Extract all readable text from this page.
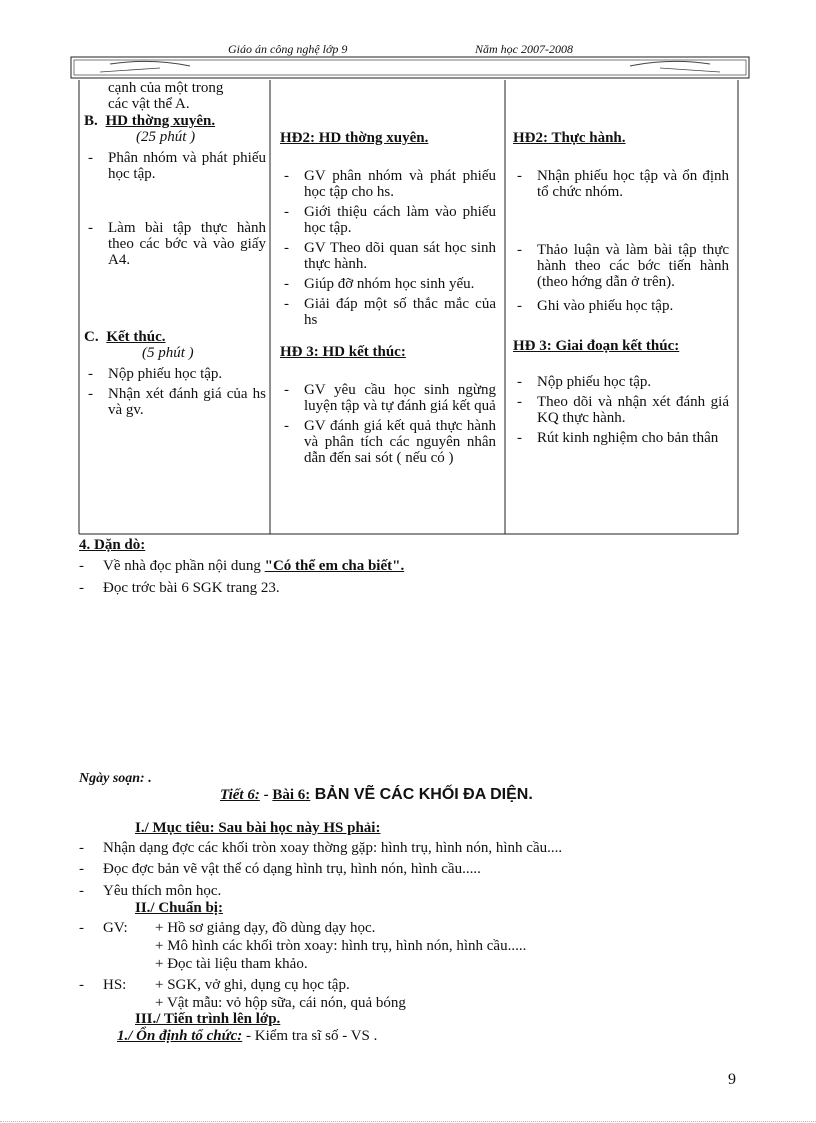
Giáo án công nghệ lớp 9	Năm học 2007-2008
cạnh của một trong
các vật thể A.
B. HD thờng xuyên.
(25 phút )
- Phân nhóm và phát phiếu học tập.
- Làm bài tập thực hành theo các bớc và vào giấy A4.
C. Kết thúc.
(5 phút )
- Nộp phiếu học tập.
- Nhận xét đánh giá của hs và gv.
HĐ2: HD thờng xuyên.
- GV phân nhóm và phát phiếu học tập cho hs.
- Giới thiệu cách làm vào phiếu học tập.
- GV Theo dõi quan sát học sinh thực hành.
- Giúp đỡ nhóm học sinh yếu.
- Giải đáp một số thắc mắc của hs
HĐ 3: HD kết thúc:
- GV yêu cầu học sinh ngừng luyện tập và tự đánh giá kết quả
- GV đánh giá kết quả thực hành và phân tích các nguyên nhân dẫn đến sai sót ( nếu có )
HĐ2: Thực hành.
- Nhận phiếu học tập và ổn định tổ chức nhóm.
- Thảo luận và làm bài tập thực hành theo các bớc tiến hành (theo hớng dẫn ở trên).
- Ghi vào phiếu học tập.
HĐ 3: Giai đoạn kết thúc:
- Nộp phiếu học tập.
- Theo dõi và nhận xét đánh giá KQ thực hành.
- Rút kinh nghiệm cho bản thân
4. Dặn dò:
- Về nhà đọc phần nội dung "Có thể em cha biết".
- Đọc trớc bài 6 SGK trang 23.
Ngày soạn: .
Tiết 6: - Bài 6: BẢN VẼ CÁC KHỐI ĐA DIỆN.
I./ Mục tiêu: Sau bài học này HS phải:
- Nhận dạng đợc các khối tròn xoay thờng gặp: hình trụ, hình nón, hình cầu....
- Đọc đợc bản vẽ vật thể có dạng hình trụ, hình nón, hình cầu.....
- Yêu thích môn học.
II./ Chuẩn bị:
- GV: + Hồ sơ giảng dạy, đồ dùng dạy học.
+ Mô hình các khối tròn xoay: hình trụ, hình nón, hình cầu.....
+ Đọc tài liệu tham khảo.
- HS: + SGK, vở ghi, dụng cụ học tập.
+ Vật mẫu: vỏ hộp sữa, cái nón, quả bóng
III./ Tiến trình lên lớp.
1./ Ổn định tổ chức: - Kiểm tra sĩ số - VS .
9
